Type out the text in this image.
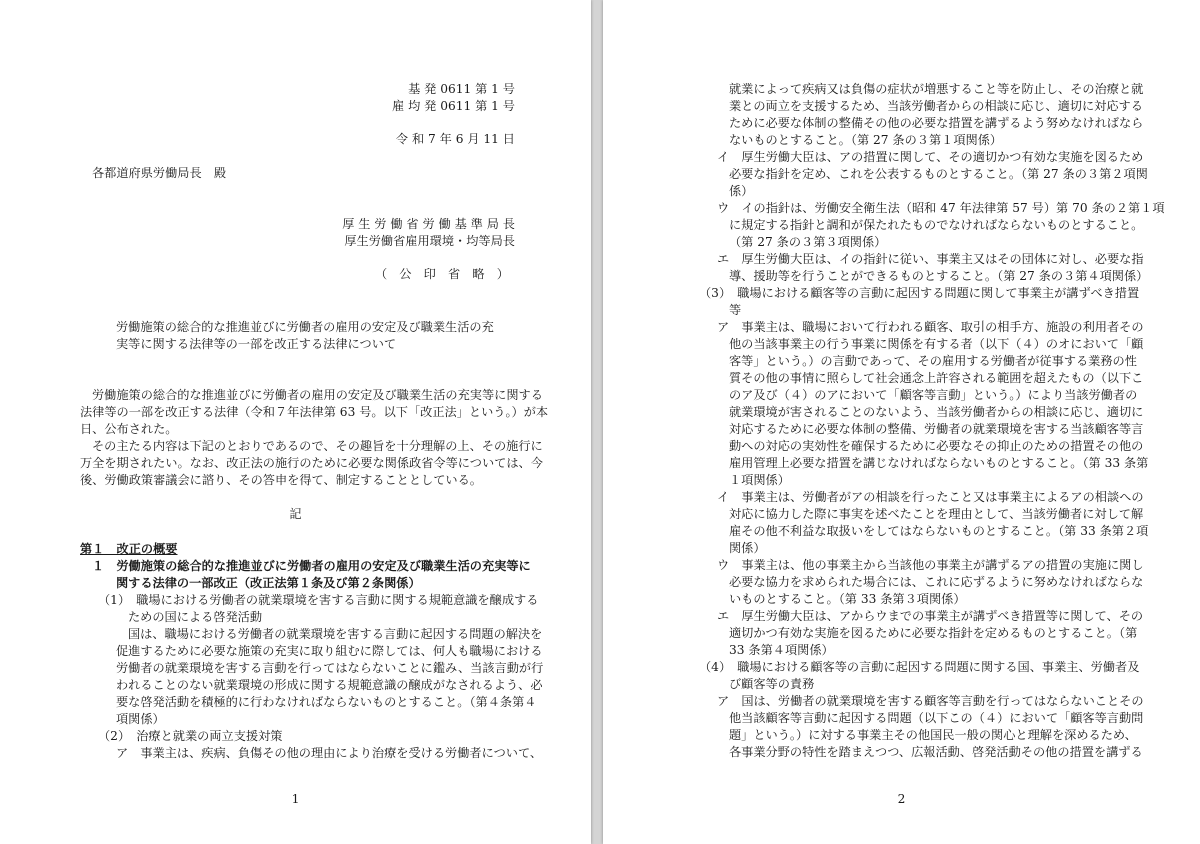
基 発 0611 第 1 号
雇 均 発 0611 第 1 号
令 和 7 年 6 月 11 日
各都道府県労働局長　殿
厚 生 労 働 省 労 働 基 準 局 長
厚生労働省雇用環境・均等局長
（　公　印　省　略　）
労働施策の総合的な推進並びに労働者の雇用の安定及び職業生活の充
実等に関する法律等の一部を改正する法律について
労働施策の総合的な推進並びに労働者の雇用の安定及び職業生活の充実等に関する
法律等の一部を改正する法律（令和７年法律第 63 号。以下「改正法」という。）が本
日、公布された。
その主たる内容は下記のとおりであるので、その趣旨を十分理解の上、その施行に
万全を期されたい。なお、改正法の施行のために必要な関係政省令等については、今
後、労働政策審議会に諮り、その答申を得て、制定することとしている。
記
第１　改正の概要
１　労働施策の総合的な推進並びに労働者の雇用の安定及び職業生活の充実等に
関する法律の一部改正（改正法第１条及び第２条関係）
（1）　職場における労働者の就業環境を害する言動に関する規範意識を醸成する
ための国による啓発活動
国は、職場における労働者の就業環境を害する言動に起因する問題の解決を
促進するために必要な施策の充実に取り組むに際しては、何人も職場における
労働者の就業環境を害する言動を行ってはならないことに鑑み、当該言動が行
われることのない就業環境の形成に関する規範意識の醸成がなされるよう、必
要な啓発活動を積極的に行わなければならないものとすること。（第４条第４
項関係）
（2）　治療と就業の両立支援対策
ア　事業主は、疾病、負傷その他の理由により治療を受ける労働者について、
1
就業によって疾病又は負傷の症状が増悪すること等を防止し、その治療と就
業との両立を支援するため、当該労働者からの相談に応じ、適切に対応する
ために必要な体制の整備その他の必要な措置を講ずるよう努めなければなら
ないものとすること。（第 27 条の３第１項関係）
イ　厚生労働大臣は、アの措置に関して、その適切かつ有効な実施を図るため
必要な指針を定め、これを公表するものとすること。（第 27 条の３第２項関
係）
ウ　イの指針は、労働安全衛生法（昭和 47 年法律第 57 号）第 70 条の２第１項
に規定する指針と調和が保たれたものでなければならないものとすること。
（第 27 条の３第３項関係）
エ　厚生労働大臣は、イの指針に従い、事業主又はその団体に対し、必要な指
導、援助等を行うことができるものとすること。（第 27 条の３第４項関係）
（3）　職場における顧客等の言動に起因する問題に関して事業主が講ずべき措置
等
ア　事業主は、職場において行われる顧客、取引の相手方、施設の利用者その
他の当該事業主の行う事業に関係を有する者（以下（４）のオにおいて「顧
客等」という。）の言動であって、その雇用する労働者が従事する業務の性
質その他の事情に照らして社会通念上許容される範囲を超えたもの（以下こ
のア及び（４）のアにおいて「顧客等言動」という。）により当該労働者の
就業環境が害されることのないよう、当該労働者からの相談に応じ、適切に
対応するために必要な体制の整備、労働者の就業環境を害する当該顧客等言
動への対応の実効性を確保するために必要なその抑止のための措置その他の
雇用管理上必要な措置を講じなければならないものとすること。（第 33 条第
１項関係）
イ　事業主は、労働者がアの相談を行ったこと又は事業主によるアの相談への
対応に協力した際に事実を述べたことを理由として、当該労働者に対して解
雇その他不利益な取扱いをしてはならないものとすること。（第 33 条第２項
関係）
ウ　事業主は、他の事業主から当該他の事業主が講ずるアの措置の実施に関し
必要な協力を求められた場合には、これに応ずるように努めなければならな
いものとすること。（第 33 条第３項関係）
エ　厚生労働大臣は、アからウまでの事業主が講ずべき措置等に関して、その
適切かつ有効な実施を図るために必要な指針を定めるものとすること。（第
33 条第４項関係）
（4）　職場における顧客等の言動に起因する問題に関する国、事業主、労働者及
び顧客等の責務
ア　国は、労働者の就業環境を害する顧客等言動を行ってはならないことその
他当該顧客等言動に起因する問題（以下この（４）において「顧客等言動問
題」という。）に対する事業主その他国民一般の関心と理解を深めるため、
各事業分野の特性を踏まえつつ、広報活動、啓発活動その他の措置を講ずる
2
